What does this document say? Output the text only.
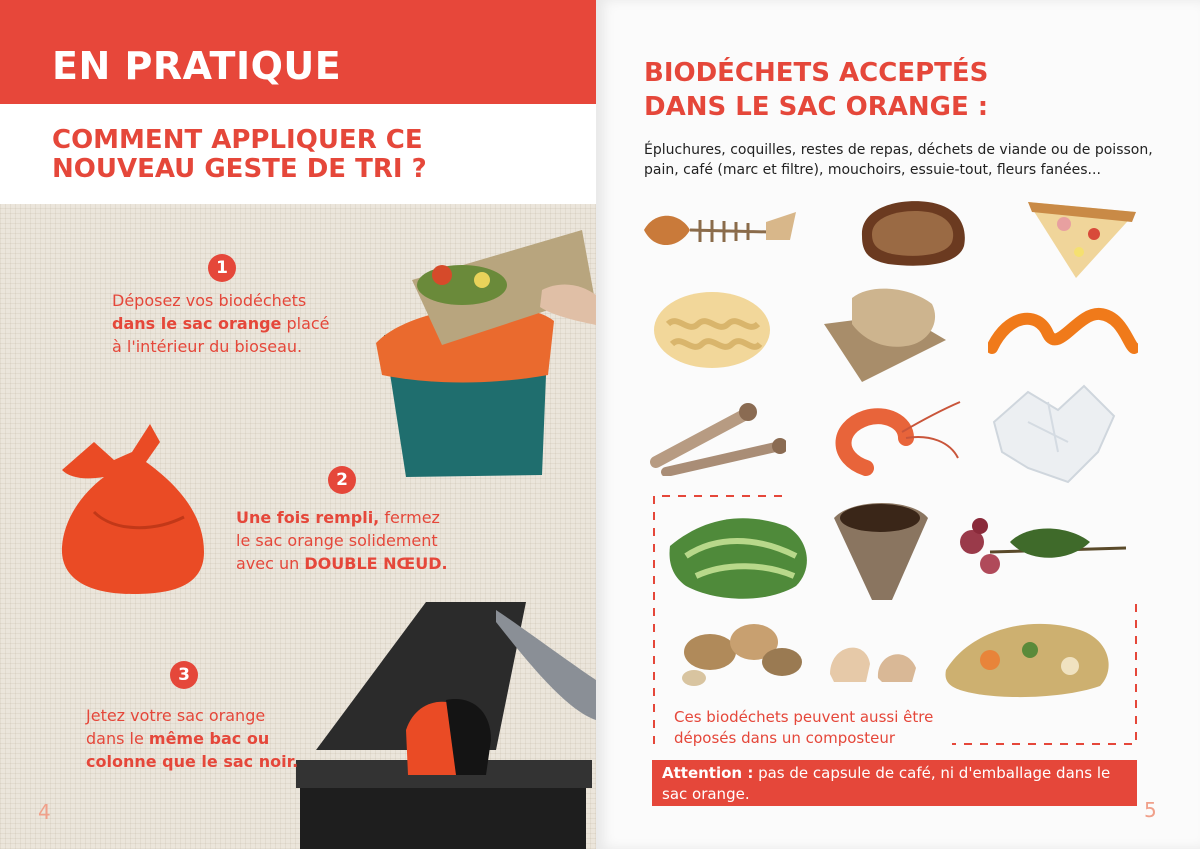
EN PRATIQUE
COMMENT APPLIQUER CE NOUVEAU GESTE DE TRI ?
1

Déposez vos biodéchets
dans le sac orange placé
à l'intérieur du bioseau.

2

Une fois rempli, fermez
le sac orange solidement
avec un DOUBLE NŒUD.

3

Jetez votre sac orange
dans le même bac ou
colonne que le sac noir.

4
BIODÉCHETS ACCEPTÉS DANS LE SAC ORANGE :

Épluchures, coquilles, restes de repas, déchets de viande ou de poisson, pain, café (marc et filtre), mouchoirs, essuie-tout, fleurs fanées...

Ces biodéchets peuvent aussi être déposés dans un composteur

Attention : pas de capsule de café, ni d'emballage dans le sac orange.
5
